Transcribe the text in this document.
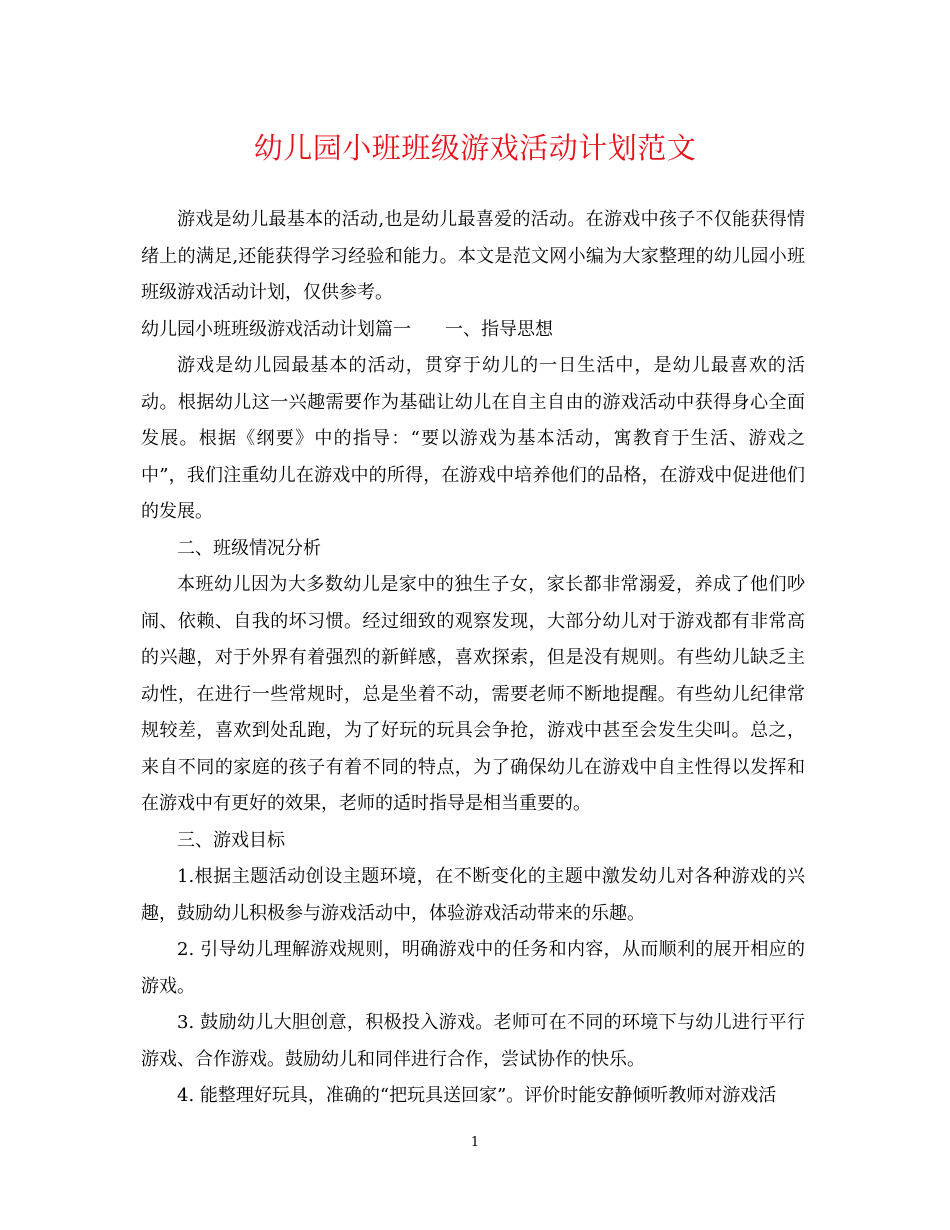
幼儿园小班班级游戏活动计划范文

游戏是幼儿最基本的活动,也是幼儿最喜爱的活动。在游戏中孩子不仅能获得情绪上的满足,还能获得学习经验和能力。本文是范文网小编为大家整理的幼儿园小班班级游戏活动计划，仅供参考。

幼儿园小班班级游戏活动计划篇一 一、指导思想

游戏是幼儿园最基本的活动，贯穿于幼儿的一日生活中，是幼儿最喜欢的活动。根据幼儿这一兴趣需要作为基础让幼儿在自主自由的游戏活动中获得身心全面发展。根据《纲要》中的指导：“要以游戏为基本活动，寓教育于生活、游戏之中”，我们注重幼儿在游戏中的所得，在游戏中培养他们的品格，在游戏中促进他们的发展。

二、班级情况分析

本班幼儿因为大多数幼儿是家中的独生子女，家长都非常溺爱，养成了他们吵闹、依赖、自我的坏习惯。经过细致的观察发现，大部分幼儿对于游戏都有非常高的兴趣，对于外界有着强烈的新鲜感，喜欢探索，但是没有规则。有些幼儿缺乏主动性，在进行一些常规时，总是坐着不动，需要老师不断地提醒。有些幼儿纪律常规较差，喜欢到处乱跑，为了好玩的玩具会争抢，游戏中甚至会发生尖叫。总之，来自不同的家庭的孩子有着不同的特点，为了确保幼儿在游戏中自主性得以发挥和在游戏中有更好的效果，老师的适时指导是相当重要的。

三、游戏目标

1.根据主题活动创设主题环境，在不断变化的主题中激发幼儿对各种游戏的兴趣，鼓励幼儿积极参与游戏活动中，体验游戏活动带来的乐趣。

2. 引导幼儿理解游戏规则，明确游戏中的任务和内容，从而顺利的展开相应的游戏。

3. 鼓励幼儿大胆创意，积极投入游戏。老师可在不同的环境下与幼儿进行平行游戏、合作游戏。鼓励幼儿和同伴进行合作，尝试协作的快乐。

4. 能整理好玩具，准确的“把玩具送回家”。评价时能安静倾听教师对游戏活

1
